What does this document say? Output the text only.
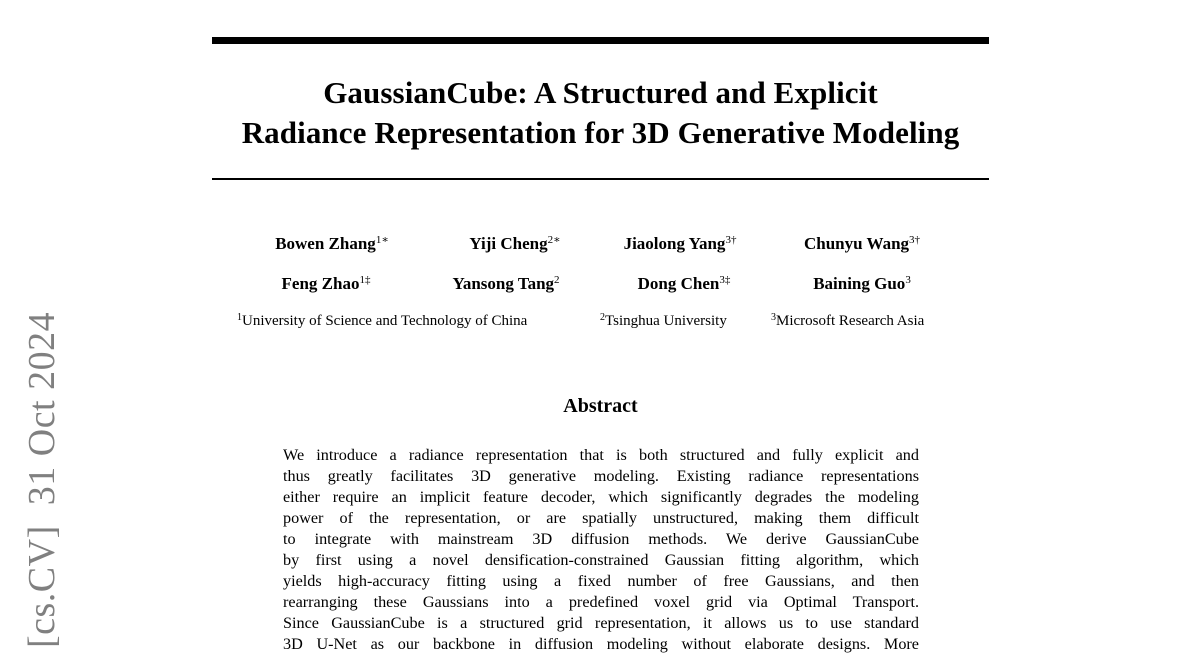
[cs.CV]  31 Oct 2024
GaussianCube: A Structured and Explicit
Radiance Representation for 3D Generative Modeling
Bowen Zhang$^{1∗}$	Yiji Cheng$^{2∗}$	Jiaolong Yang$^{3\dagger}$	Chunyu Wang$^{3\dagger}$
Feng Zhao$^{1\ddagger}$	Yansong Tang$^2$	Dong Chen$^{3\ddagger}$	Baining Guo$^3$
$^1$University of Science and Technology of China	$^2$Tsinghua University	$^3$Microsoft Research Asia
Abstract
We introduce a radiance representation that is both structured and fully explicit and
thus greatly facilitates 3D generative modeling. Existing radiance representations
either require an implicit feature decoder, which significantly degrades the modeling
power of the representation, or are spatially unstructured, making them difficult
to integrate with mainstream 3D diffusion methods. We derive GaussianCube
by first using a novel densification-constrained Gaussian fitting algorithm, which
yields high-accuracy fitting using a fixed number of free Gaussians, and then
rearranging these Gaussians into a predefined voxel grid via Optimal Transport.
Since GaussianCube is a structured grid representation, it allows us to use standard
3D U-Net as our backbone in diffusion modeling without elaborate designs. More
